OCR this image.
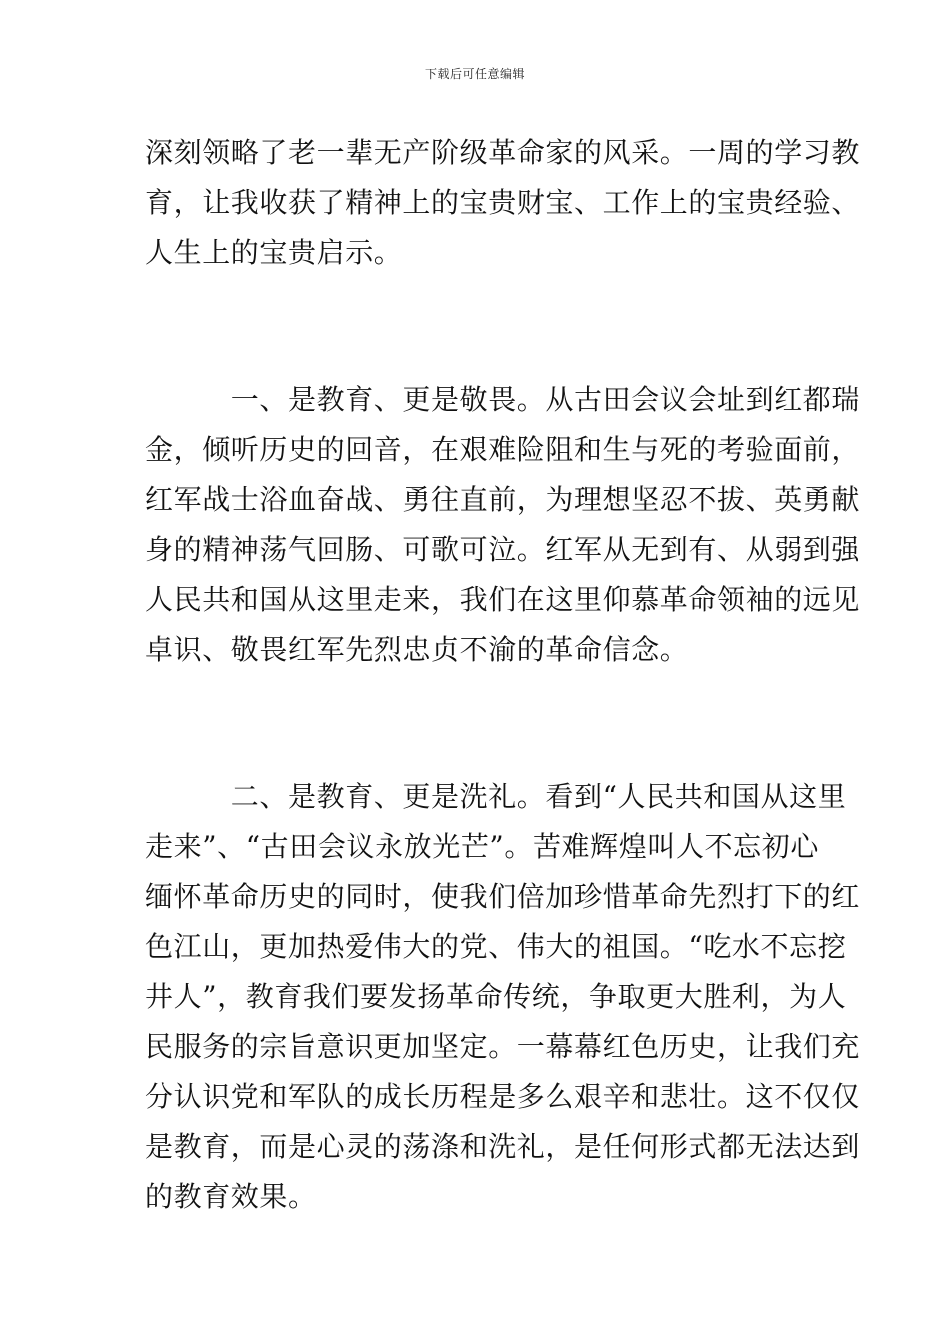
下载后可任意编辑
深刻领略了老一辈无产阶级革命家的风采。一周的学习教
育，让我收获了精神上的宝贵财宝、工作上的宝贵经验、
人生上的宝贵启示。
　　　一、是教育、更是敬畏。从古田会议会址到红都瑞
金，倾听历史的回音，在艰难险阻和生与死的考验面前，
红军战士浴血奋战、勇往直前，为理想坚忍不拔、英勇献
身的精神荡气回肠、可歌可泣。红军从无到有、从弱到强
人民共和国从这里走来，我们在这里仰慕革命领袖的远见
卓识、敬畏红军先烈忠贞不渝的革命信念。
　　　二、是教育、更是洗礼。看到“人民共和国从这里
走来”、“古田会议永放光芒”。苦难辉煌叫人不忘初心
缅怀革命历史的同时，使我们倍加珍惜革命先烈打下的红
色江山，更加热爱伟大的党、伟大的祖国。“吃水不忘挖
井人”，教育我们要发扬革命传统，争取更大胜利，为人
民服务的宗旨意识更加坚定。一幕幕红色历史，让我们充
分认识党和军队的成长历程是多么艰辛和悲壮。这不仅仅
是教育，而是心灵的荡涤和洗礼，是任何形式都无法达到
的教育效果。
